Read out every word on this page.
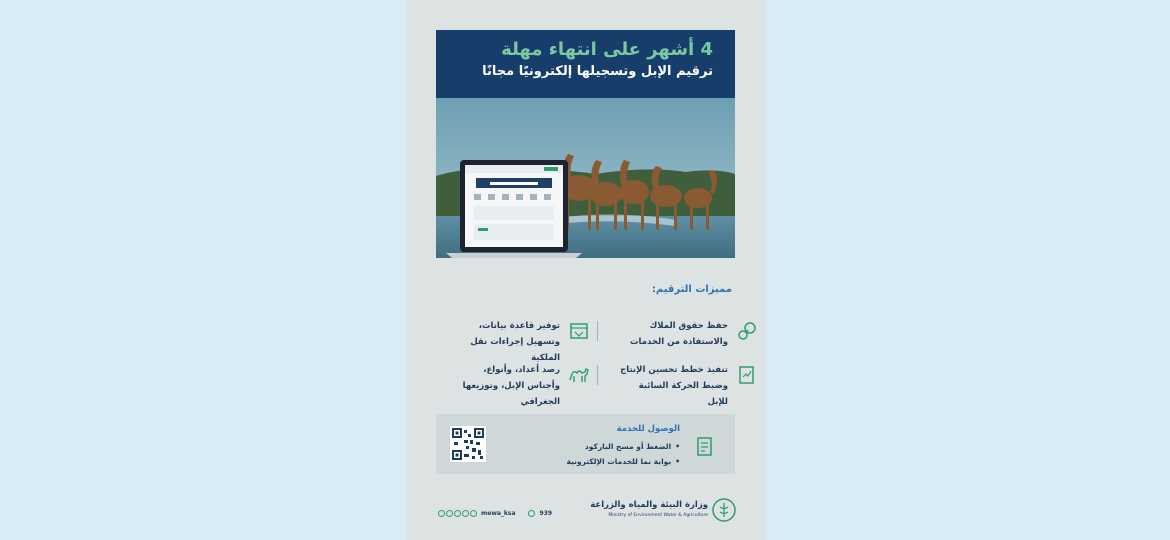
4 أشهر على انتهاء مهلة
ترقيم الإبل وتسجيلها إلكترونيًا مجانًا
مميزات الترقيم:
حفظ حقوق الملاك والاستفادة من الخدمات
توفير قاعدة بيانات، وتسهيل إجراءات نقل الملكية
تنفيذ خطط تحسين الإنتاج وضبط الحركة السائبة للإبل
رصد أعداد، وأنواع، وأجناس الإبل، وتوزيعها الجغرافي
الوصول للخدمة
•الضغط أو مسح الباركود
•بوابة نما للخدمات الإلكترونية
وزارة البيئة والمياه والزراعة
Ministry of Environment Water & Agriculture
mewa_ksa	939
